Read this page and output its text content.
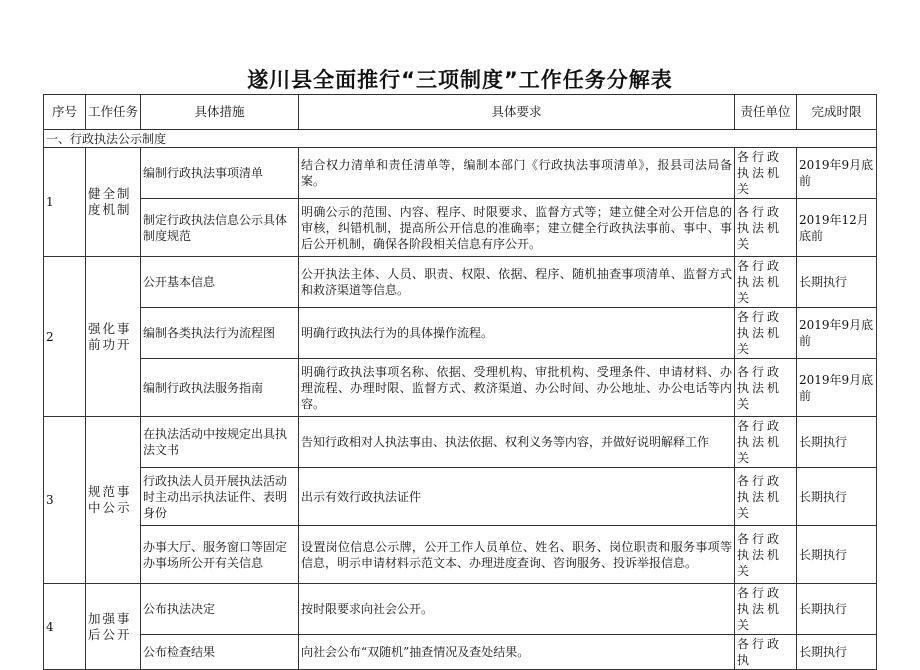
遂川县全面推行“三项制度”工作任务分解表
序号	工作任务	具体措施	具体要求	责任单位	完成时限
一、行政执法公示制度					
1	健全制度机制	编制行政执法事项清单	结合权力清单和责任清单等，编制本部门《行政执法事项清单》，报县司法局备案。	各行政执法机关	2019年9月底前
		制定行政执法信息公示具体制度规范	明确公示的范围、内容、程序、时限要求、监督方式等；建立健全对公开信息的审核，纠错机制，提高所公开信息的准确率；建立健全行政执法事前、事中、事后公开机制，确保各阶段相关信息有序公开。	各行政执法机关	2019年12月底前
2	强化事前功开	公开基本信息	公开执法主体、人员、职责、权限、依据、程序、随机抽查事项清单、监督方式和救济渠道等信息。	各行政执法机关	长期执行
		编制各类执法行为流程图	明确行政执法行为的具体操作流程。	各行政执法机关	2019年9月底前
		编制行政执法服务指南	明确行政执法事项名称、依据、受理机构、审批机构、受理条件、申请材料、办理流程、办理时限、监督方式、救济渠道、办公时间、办公地址、办公电话等内容。	各行政执法机关	2019年9月底前
3	规范事中公示	在执法活动中按规定出具执法文书	告知行政相对人执法事由、执法依据、权利义务等内容，并做好说明解释工作	各行政执法机关	长期执行
		行政执法人员开展执法活动时主动出示执法证件、表明身份	出示有效行政执法证件	各行政执法机关	长期执行
		办事大厅、服务窗口等固定办事场所公开有关信息	设置岗位信息公示牌，公开工作人员单位、姓名、职务、岗位职责和服务事项等信息，明示申请材料示范文本、办理进度查询、咨询服务、投诉举报信息。	各行政执法机关	长期执行
4	加强事后公开	公布执法决定	按时限要求向社会公开。	各行政执法机关	长期执行
		公布检查结果	向社会公布“双随机”抽查情况及查处结果。	各行政执	长期执行
